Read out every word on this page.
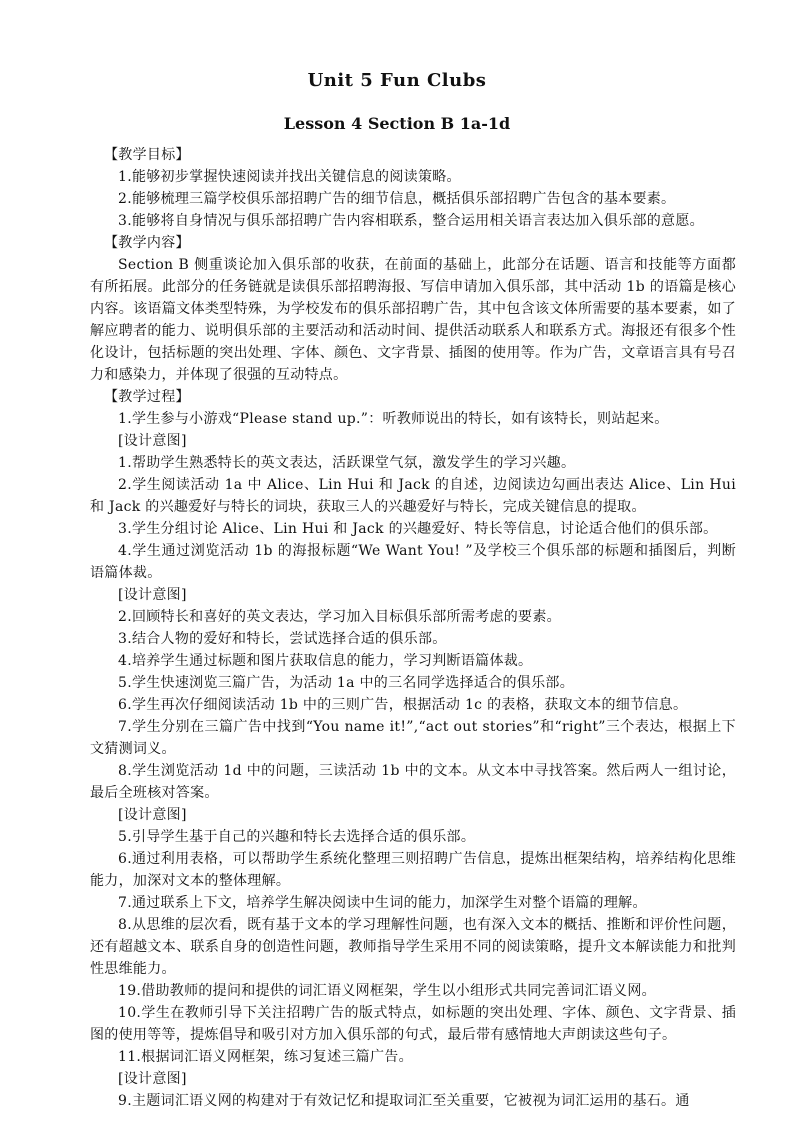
Unit 5 Fun Clubs
Lesson 4 Section B 1a-1d

【教学目标】

1.能够初步掌握快速阅读并找出关键信息的阅读策略。

2.能够梳理三篇学校俱乐部招聘广告的细节信息，概括俱乐部招聘广告包含的基本要素。

3.能够将自身情况与俱乐部招聘广告内容相联系，整合运用相关语言表达加入俱乐部的意愿。

【教学内容】

Section B 侧重谈论加入俱乐部的收获，在前面的基础上，此部分在话题、语言和技能等方面都有所拓展。此部分的任务链就是读俱乐部招聘海报、写信申请加入俱乐部，其中活动 1b 的语篇是核心内容。该语篇文体类型特殊，为学校发布的俱乐部招聘广告，其中包含该文体所需要的基本要素，如了解应聘者的能力、说明俱乐部的主要活动和活动时间、提供活动联系人和联系方式。海报还有很多个性化设计，包括标题的突出处理、字体、颜色、文字背景、插图的使用等。作为广告，文章语言具有号召力和感染力，并体现了很强的互动特点。

【教学过程】

1.学生参与小游戏“Please stand up.”：听教师说出的特长，如有该特长，则站起来。

[设计意图]

1.帮助学生熟悉特长的英文表达，活跃课堂气氛，激发学生的学习兴趣。

2.学生阅读活动 1a 中 Alice、Lin Hui 和 Jack 的自述，边阅读边勾画出表达 Alice、Lin Hui 和 Jack 的兴趣爱好与特长的词块，获取三人的兴趣爱好与特长，完成关键信息的提取。

3.学生分组讨论 Alice、Lin Hui 和 Jack 的兴趣爱好、特长等信息，讨论适合他们的俱乐部。

4.学生通过浏览活动 1b 的海报标题“We Want You! ”及学校三个俱乐部的标题和插图后，判断语篇体裁。

[设计意图]

2.回顾特长和喜好的英文表达，学习加入目标俱乐部所需考虑的要素。

3.结合人物的爱好和特长，尝试选择合适的俱乐部。

4.培养学生通过标题和图片获取信息的能力，学习判断语篇体裁。

5.学生快速浏览三篇广告，为活动 1a 中的三名同学选择适合的俱乐部。

6.学生再次仔细阅读活动 1b 中的三则广告，根据活动 1c 的表格，获取文本的细节信息。

7.学生分别在三篇广告中找到“You name it!”,“act out stories”和“right”三个表达，根据上下文猜测词义。

8.学生浏览活动 1d 中的问题，三读活动 1b 中的文本。从文本中寻找答案。然后两人一组讨论，最后全班核对答案。

[设计意图]

5.引导学生基于自己的兴趣和特长去选择合适的俱乐部。

6.通过利用表格，可以帮助学生系统化整理三则招聘广告信息，提炼出框架结构，培养结构化思维能力，加深对文本的整体理解。

7.通过联系上下文，培养学生解决阅读中生词的能力，加深学生对整个语篇的理解。

8.从思维的层次看，既有基于文本的学习理解性问题，也有深入文本的概括、推断和评价性问题，还有超越文本、联系自身的创造性问题，教师指导学生采用不同的阅读策略，提升文本解读能力和批判性思维能力。

19.借助教师的提问和提供的词汇语义网框架，学生以小组形式共同完善词汇语义网。

10.学生在教师引导下关注招聘广告的版式特点，如标题的突出处理、字体、颜色、文字背景、插图的使用等等，提炼倡导和吸引对方加入俱乐部的句式，最后带有感情地大声朗读这些句子。

11.根据词汇语义网框架，练习复述三篇广告。

[设计意图]

9.主题词汇语义网的构建对于有效记忆和提取词汇至关重要，它被视为词汇运用的基石。通
